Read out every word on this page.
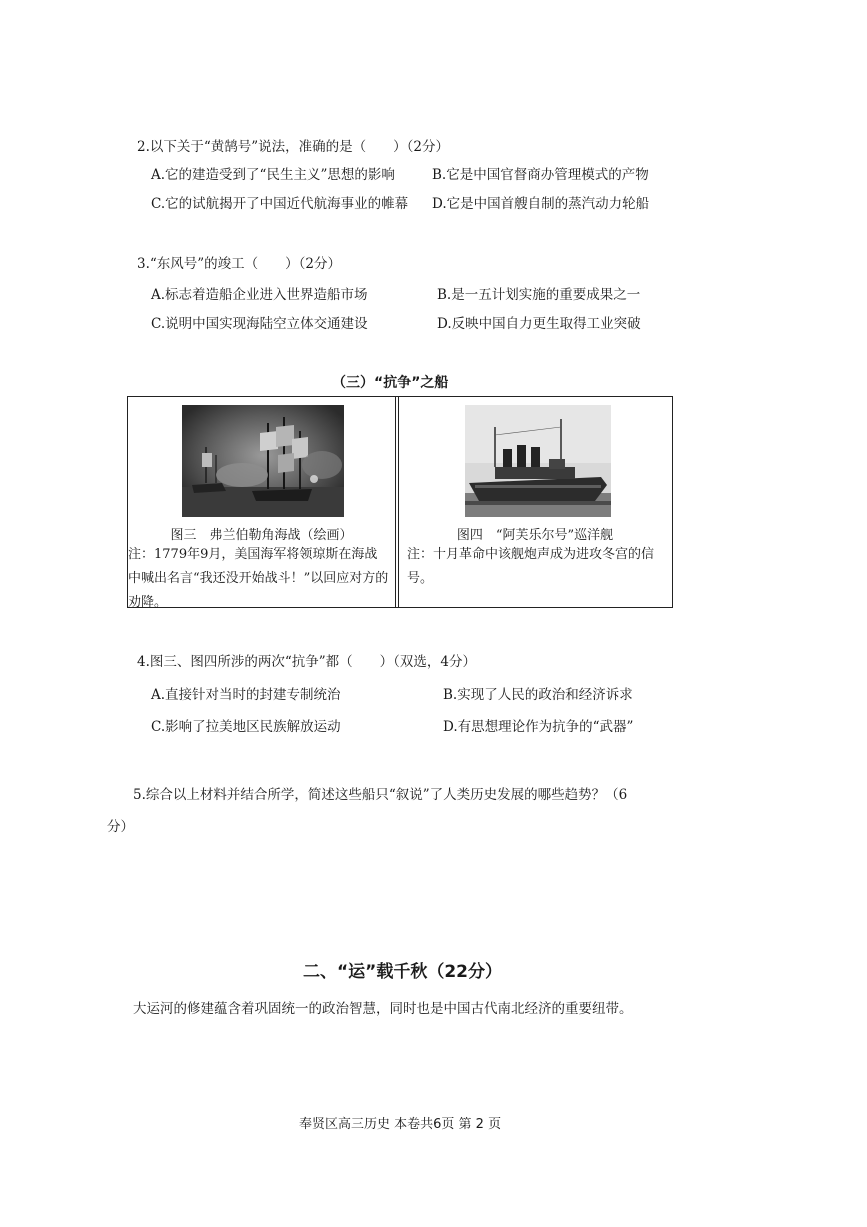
2.以下关于“黄鹄号”说法，准确的是（　　）（2分）
A.它的建造受到了“民生主义”思想的影响	B.它是中国官督商办管理模式的产物
C.它的试航揭开了中国近代航海事业的帷幕 D.它是中国首艘自制的蒸汽动力轮船
3.“东风号”的竣工（　　）（2分）
A.标志着造船企业进入世界造船市场	B.是一五计划实施的重要成果之一
C.说明中国实现海陆空立体交通建设	D.反映中国自力更生取得工业突破
（三）“抗争”之船
图三　弗兰伯勒角海战（绘画）
注：1779年9月，美国海军将领琼斯在海战中喊出名言“我还没开始战斗！”以回应对方的劝降。
图四　“阿芙乐尔号”巡洋舰
注：十月革命中该舰炮声成为进攻冬宫的信号。
4.图三、图四所涉的两次“抗争”都（　　）（双选，4分）
A.直接针对当时的封建专制统治	B.实现了人民的政治和经济诉求
C.影响了拉美地区民族解放运动	D.有思想理论作为抗争的“武器”
5.综合以上材料并结合所学，简述这些船只“叙说”了人类历史发展的哪些趋势？（6
分）
二、“运”载千秋（22分）
大运河的修建蕴含着巩固统一的政治智慧，同时也是中国古代南北经济的重要纽带。
奉贤区高三历史 本卷共6页 第 2 页
